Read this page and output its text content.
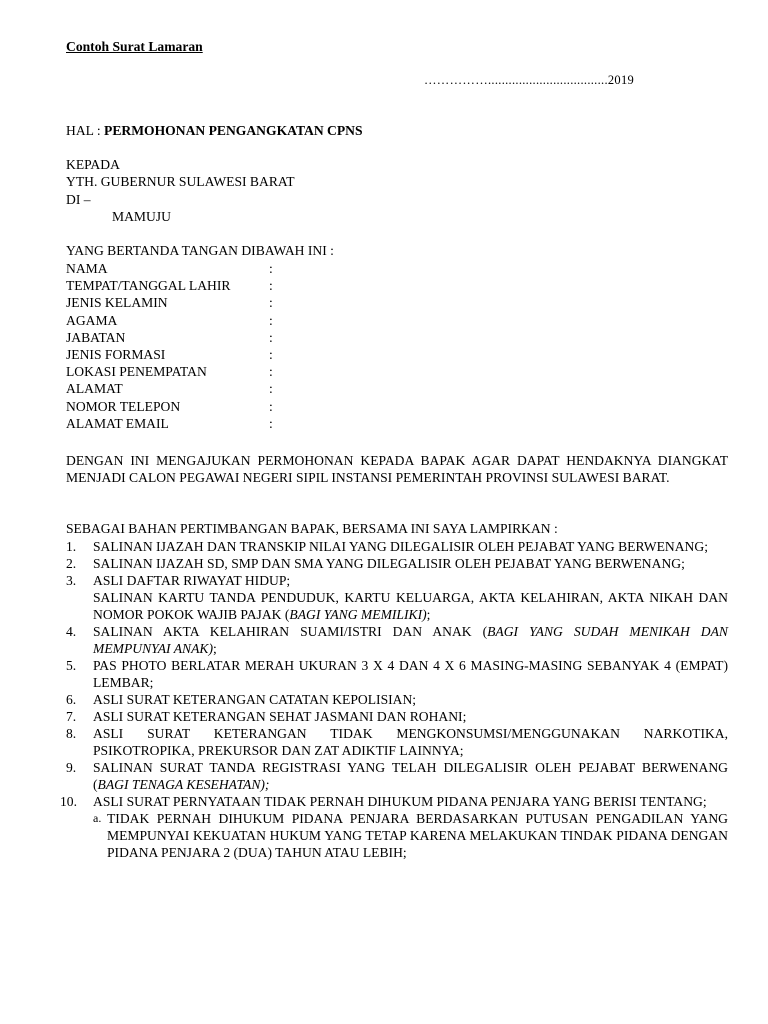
Contoh Surat Lamaran
……………...................................2019
HAL : PERMOHONAN PENGANGKATAN CPNS
KEPADA
YTH. GUBERNUR SULAWESI BARAT
DI –
MAMUJU
YANG BERTANDA TANGAN DIBAWAH INI :
NAMA	:
TEMPAT/TANGGAL LAHIR	:
JENIS KELAMIN	:
AGAMA	:
JABATAN	:
JENIS FORMASI	:
LOKASI PENEMPATAN	:
ALAMAT	:
NOMOR TELEPON	:
ALAMAT EMAIL	:
DENGAN INI MENGAJUKAN PERMOHONAN KEPADA BAPAK AGAR DAPAT HENDAKNYA DIANGKAT MENJADI CALON PEGAWAI NEGERI SIPIL INSTANSI PEMERINTAH PROVINSI SULAWESI BARAT.
SEBAGAI BAHAN PERTIMBANGAN BAPAK, BERSAMA INI SAYA LAMPIRKAN :
1. SALINAN IJAZAH DAN TRANSKIP NILAI YANG DILEGALISIR OLEH PEJABAT YANG BERWENANG;
2. SALINAN IJAZAH SD, SMP DAN SMA YANG DILEGALISIR OLEH PEJABAT YANG BERWENANG;
3. ASLI DAFTAR RIWAYAT HIDUP;
SALINAN KARTU TANDA PENDUDUK, KARTU KELUARGA, AKTA KELAHIRAN, AKTA NIKAH DAN NOMOR POKOK WAJIB PAJAK (BAGI YANG MEMILIKI);
4. SALINAN AKTA KELAHIRAN SUAMI/ISTRI DAN ANAK (BAGI YANG SUDAH MENIKAH DAN MEMPUNYAI ANAK);
5. PAS PHOTO BERLATAR MERAH UKURAN 3 X 4 DAN 4 X 6 MASING-MASING SEBANYAK 4 (EMPAT) LEMBAR;
6. ASLI SURAT KETERANGAN CATATAN KEPOLISIAN;
7. ASLI SURAT KETERANGAN SEHAT JASMANI DAN ROHANI;
8. ASLI SURAT KETERANGAN TIDAK MENGKONSUMSI/MENGGUNAKAN NARKOTIKA, PSIKOTROPIKA, PREKURSOR DAN ZAT ADIKTIF LAINNYA;
9. SALINAN SURAT TANDA REGISTRASI YANG TELAH DILEGALISIR OLEH PEJABAT BERWENANG (BAGI TENAGA KESEHATAN);
10. ASLI SURAT PERNYATAAN TIDAK PERNAH DIHUKUM PIDANA PENJARA YANG BERISI TENTANG;
a. TIDAK PERNAH DIHUKUM PIDANA PENJARA BERDASARKAN PUTUSAN PENGADILAN YANG MEMPUNYAI KEKUATAN HUKUM YANG TETAP KARENA MELAKUKAN TINDAK PIDANA DENGAN PIDANA PENJARA 2 (DUA) TAHUN ATAU LEBIH;
